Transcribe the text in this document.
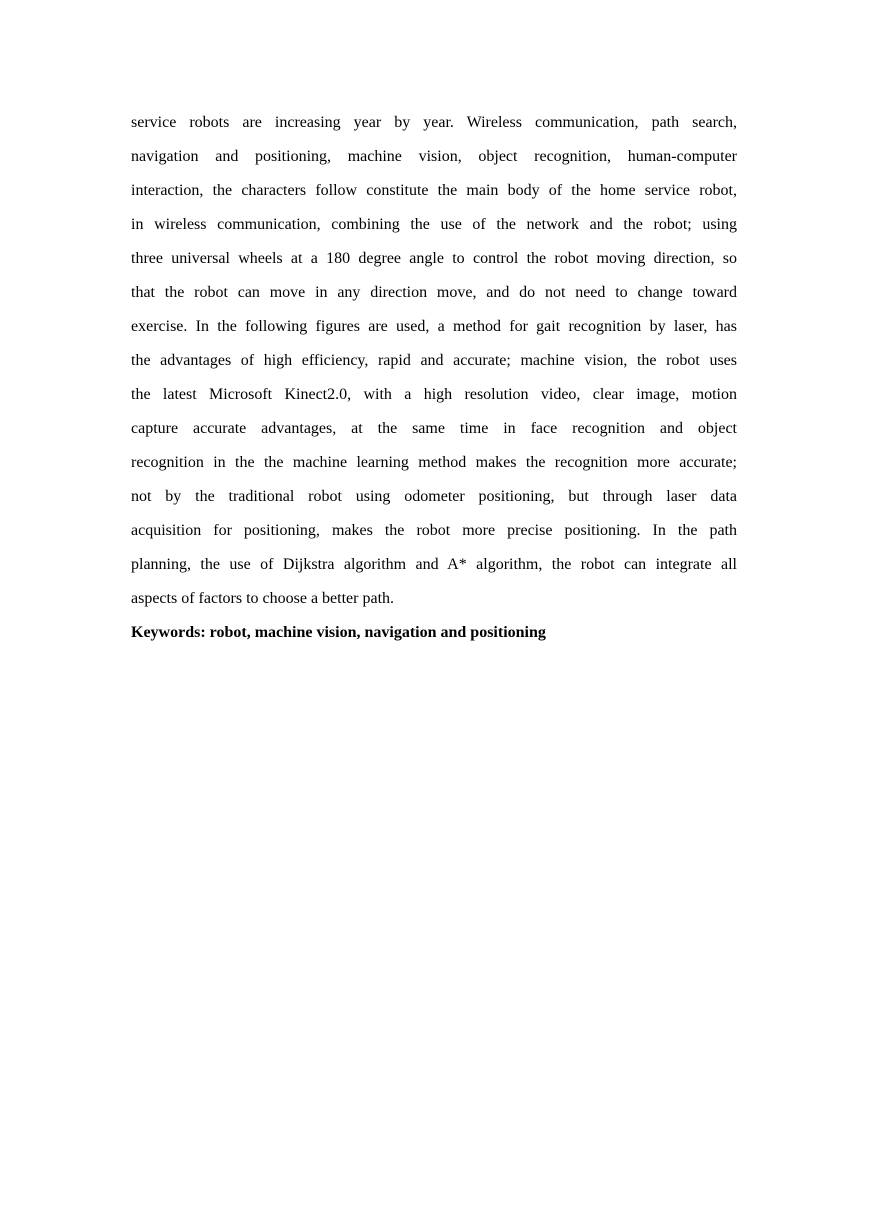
service robots are increasing year by year. Wireless communication, path search,
navigation and positioning, machine vision, object recognition, human-computer
interaction, the characters follow constitute the main body of the home service robot,
in wireless communication, combining the use of the network and the robot; using
three universal wheels at a 180 degree angle to control the robot moving direction, so
that the robot can move in any direction move, and do not need to change toward
exercise. In the following figures are used, a method for gait recognition by laser, has
the advantages of high efficiency, rapid and accurate; machine vision, the robot uses
the latest Microsoft Kinect2.0, with a high resolution video, clear image, motion
capture accurate advantages, at the same time in face recognition and object
recognition in the the machine learning method makes the recognition more accurate;
not by the traditional robot using odometer positioning, but through laser data
acquisition for positioning, makes the robot more precise positioning. In the path
planning, the use of Dijkstra algorithm and A* algorithm, the robot can integrate all
aspects of factors to choose a better path.
Keywords: robot, machine vision, navigation and positioning
